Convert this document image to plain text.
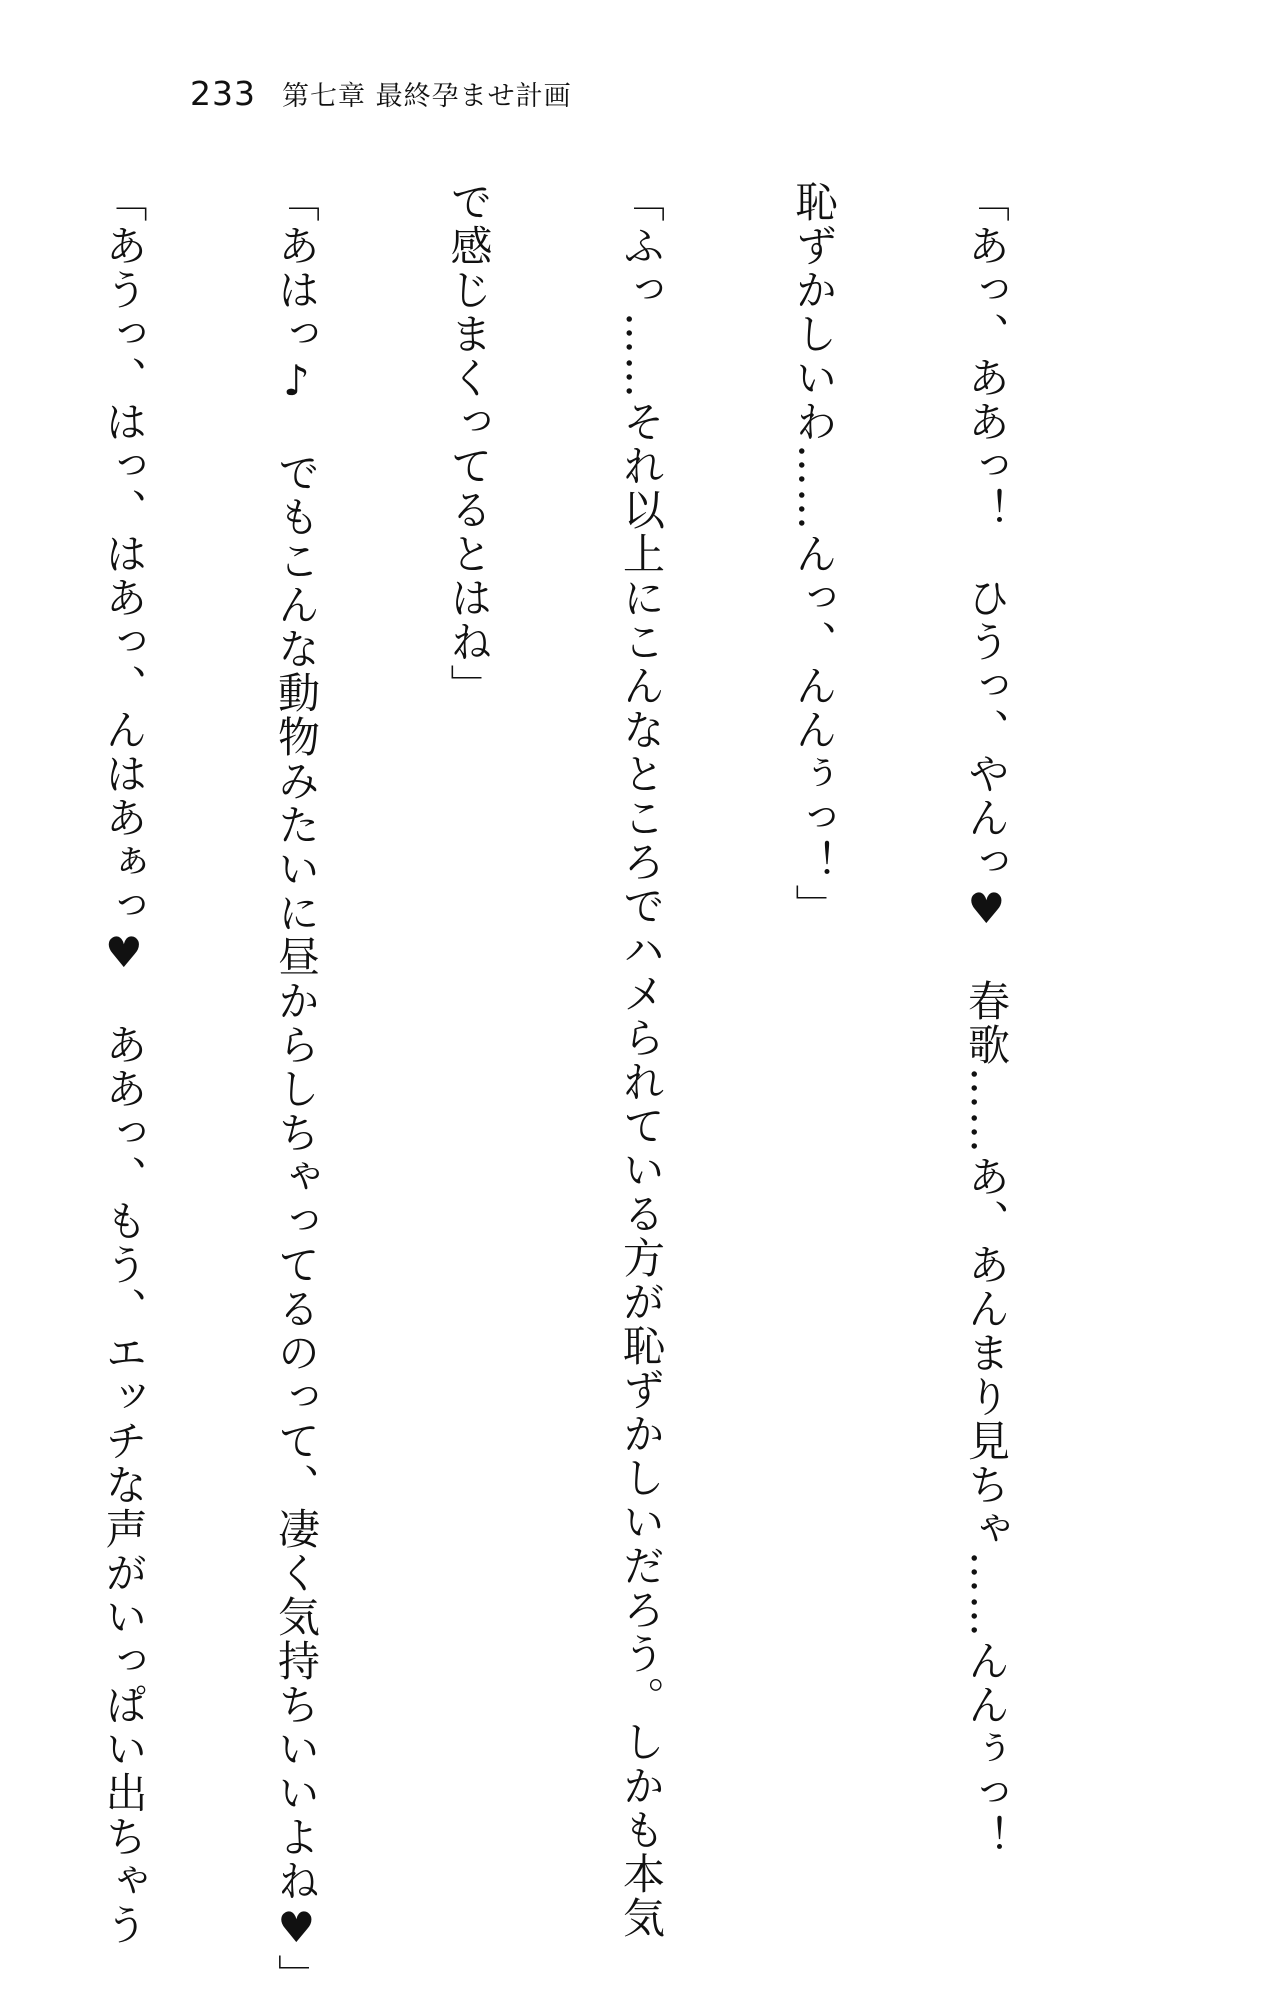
233 第七章 最終孕ませ計画

「あっ、ああっ！　ひうっ、やんっ♥　春歌……あ、あんまり見ちゃ……んんぅっ！

恥ずかしいわ……んっ、んんぅっ！」

「ふっ……それ以上にこんなところでハメられている方が恥ずかしいだろう。しかも本気

で感じまくってるとはね」

「あはっ♪　でもこんな動物みたいに昼からしちゃってるのって、凄く気持ちいいよね♥」

「あうっ、はっ、はあっ、んはあぁっ♥　ああっ、もう、エッチな声がいっぱい出ちゃう
